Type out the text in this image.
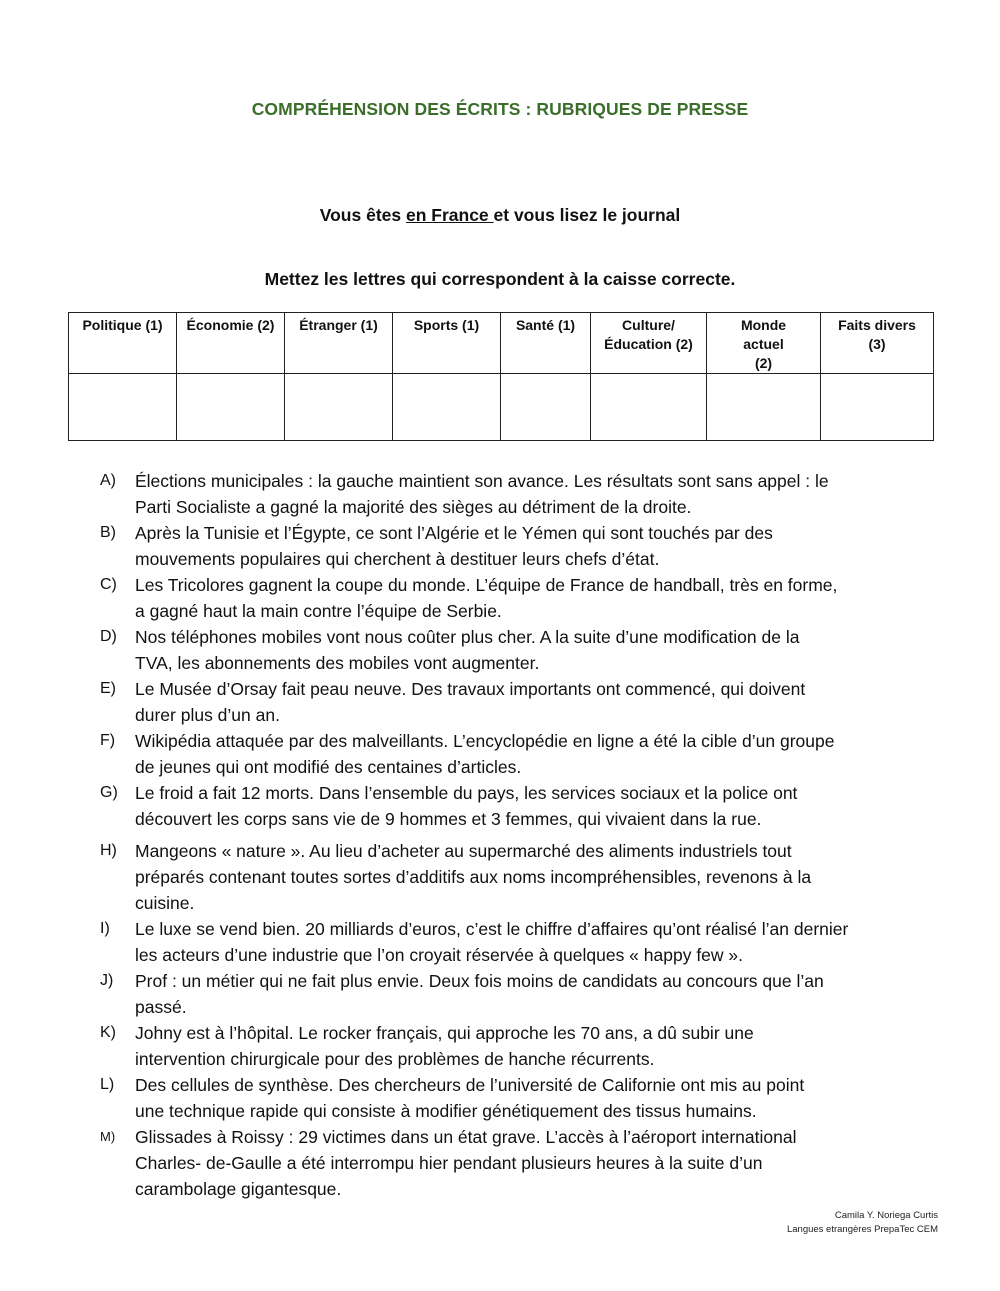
COMPRÉHENSION DES ÉCRITS : RUBRIQUES DE PRESSE
Vous êtes en France et vous lisez le journal
Mettez les lettres qui correspondent à la caisse correcte.
Politique (1)	Économie (2)	Étranger (1)	Sports (1)	Santé (1)	Culture/
Éducation (2)	Monde
actuel
(2)	Faits divers
(3)

A) Élections municipales : la gauche maintient son avance. Les résultats sont sans appel : le
Parti Socialiste a gagné la majorité des sièges au détriment de la droite.
B) Après la Tunisie et l’Égypte, ce sont l’Algérie et le Yémen qui sont touchés par des
mouvements populaires qui cherchent à destituer leurs chefs d’état.
C) Les Tricolores gagnent la coupe du monde. L’équipe de France de handball, très en forme,
a gagné haut la main contre l’équipe de Serbie.
D) Nos téléphones mobiles vont nous coûter plus cher. A la suite d’une modification de la
TVA, les abonnements des mobiles vont augmenter.
E) Le Musée d’Orsay fait peau neuve. Des travaux importants ont commencé, qui doivent
durer plus d’un an.
F) Wikipédia attaquée par des malveillants. L’encyclopédie en ligne a été la cible d’un groupe
de jeunes qui ont modifié des centaines d’articles.
G) Le froid a fait 12 morts. Dans l’ensemble du pays, les services sociaux et la police ont
découvert les corps sans vie de 9 hommes et 3 femmes, qui vivaient dans la rue.
H) Mangeons « nature ». Au lieu d’acheter au supermarché des aliments industriels tout
préparés contenant toutes sortes d’additifs aux noms incompréhensibles, revenons à la
cuisine.
I) Le luxe se vend bien. 20 milliards d’euros, c’est le chiffre d’affaires qu’ont réalisé l’an dernier
les acteurs d’une industrie que l’on croyait réservée à quelques « happy few ».
J) Prof : un métier qui ne fait plus envie. Deux fois moins de candidats au concours que l’an
passé.
K) Johny est à l’hôpital. Le rocker français, qui approche les 70 ans, a dû subir une
intervention chirurgicale pour des problèmes de hanche récurrents.
L) Des cellules de synthèse. Des chercheurs de l’université de Californie ont mis au point
une technique rapide qui consiste à modifier génétiquement des tissus humains.
M) Glissades à Roissy : 29 victimes dans un état grave. L’accès à l’aéroport international
Charles- de-Gaulle a été interrompu hier pendant plusieurs heures à la suite d’un
carambolage gigantesque.
Camila Y. Noriega Curtis
Langues etrangères PrepaTec CEM
